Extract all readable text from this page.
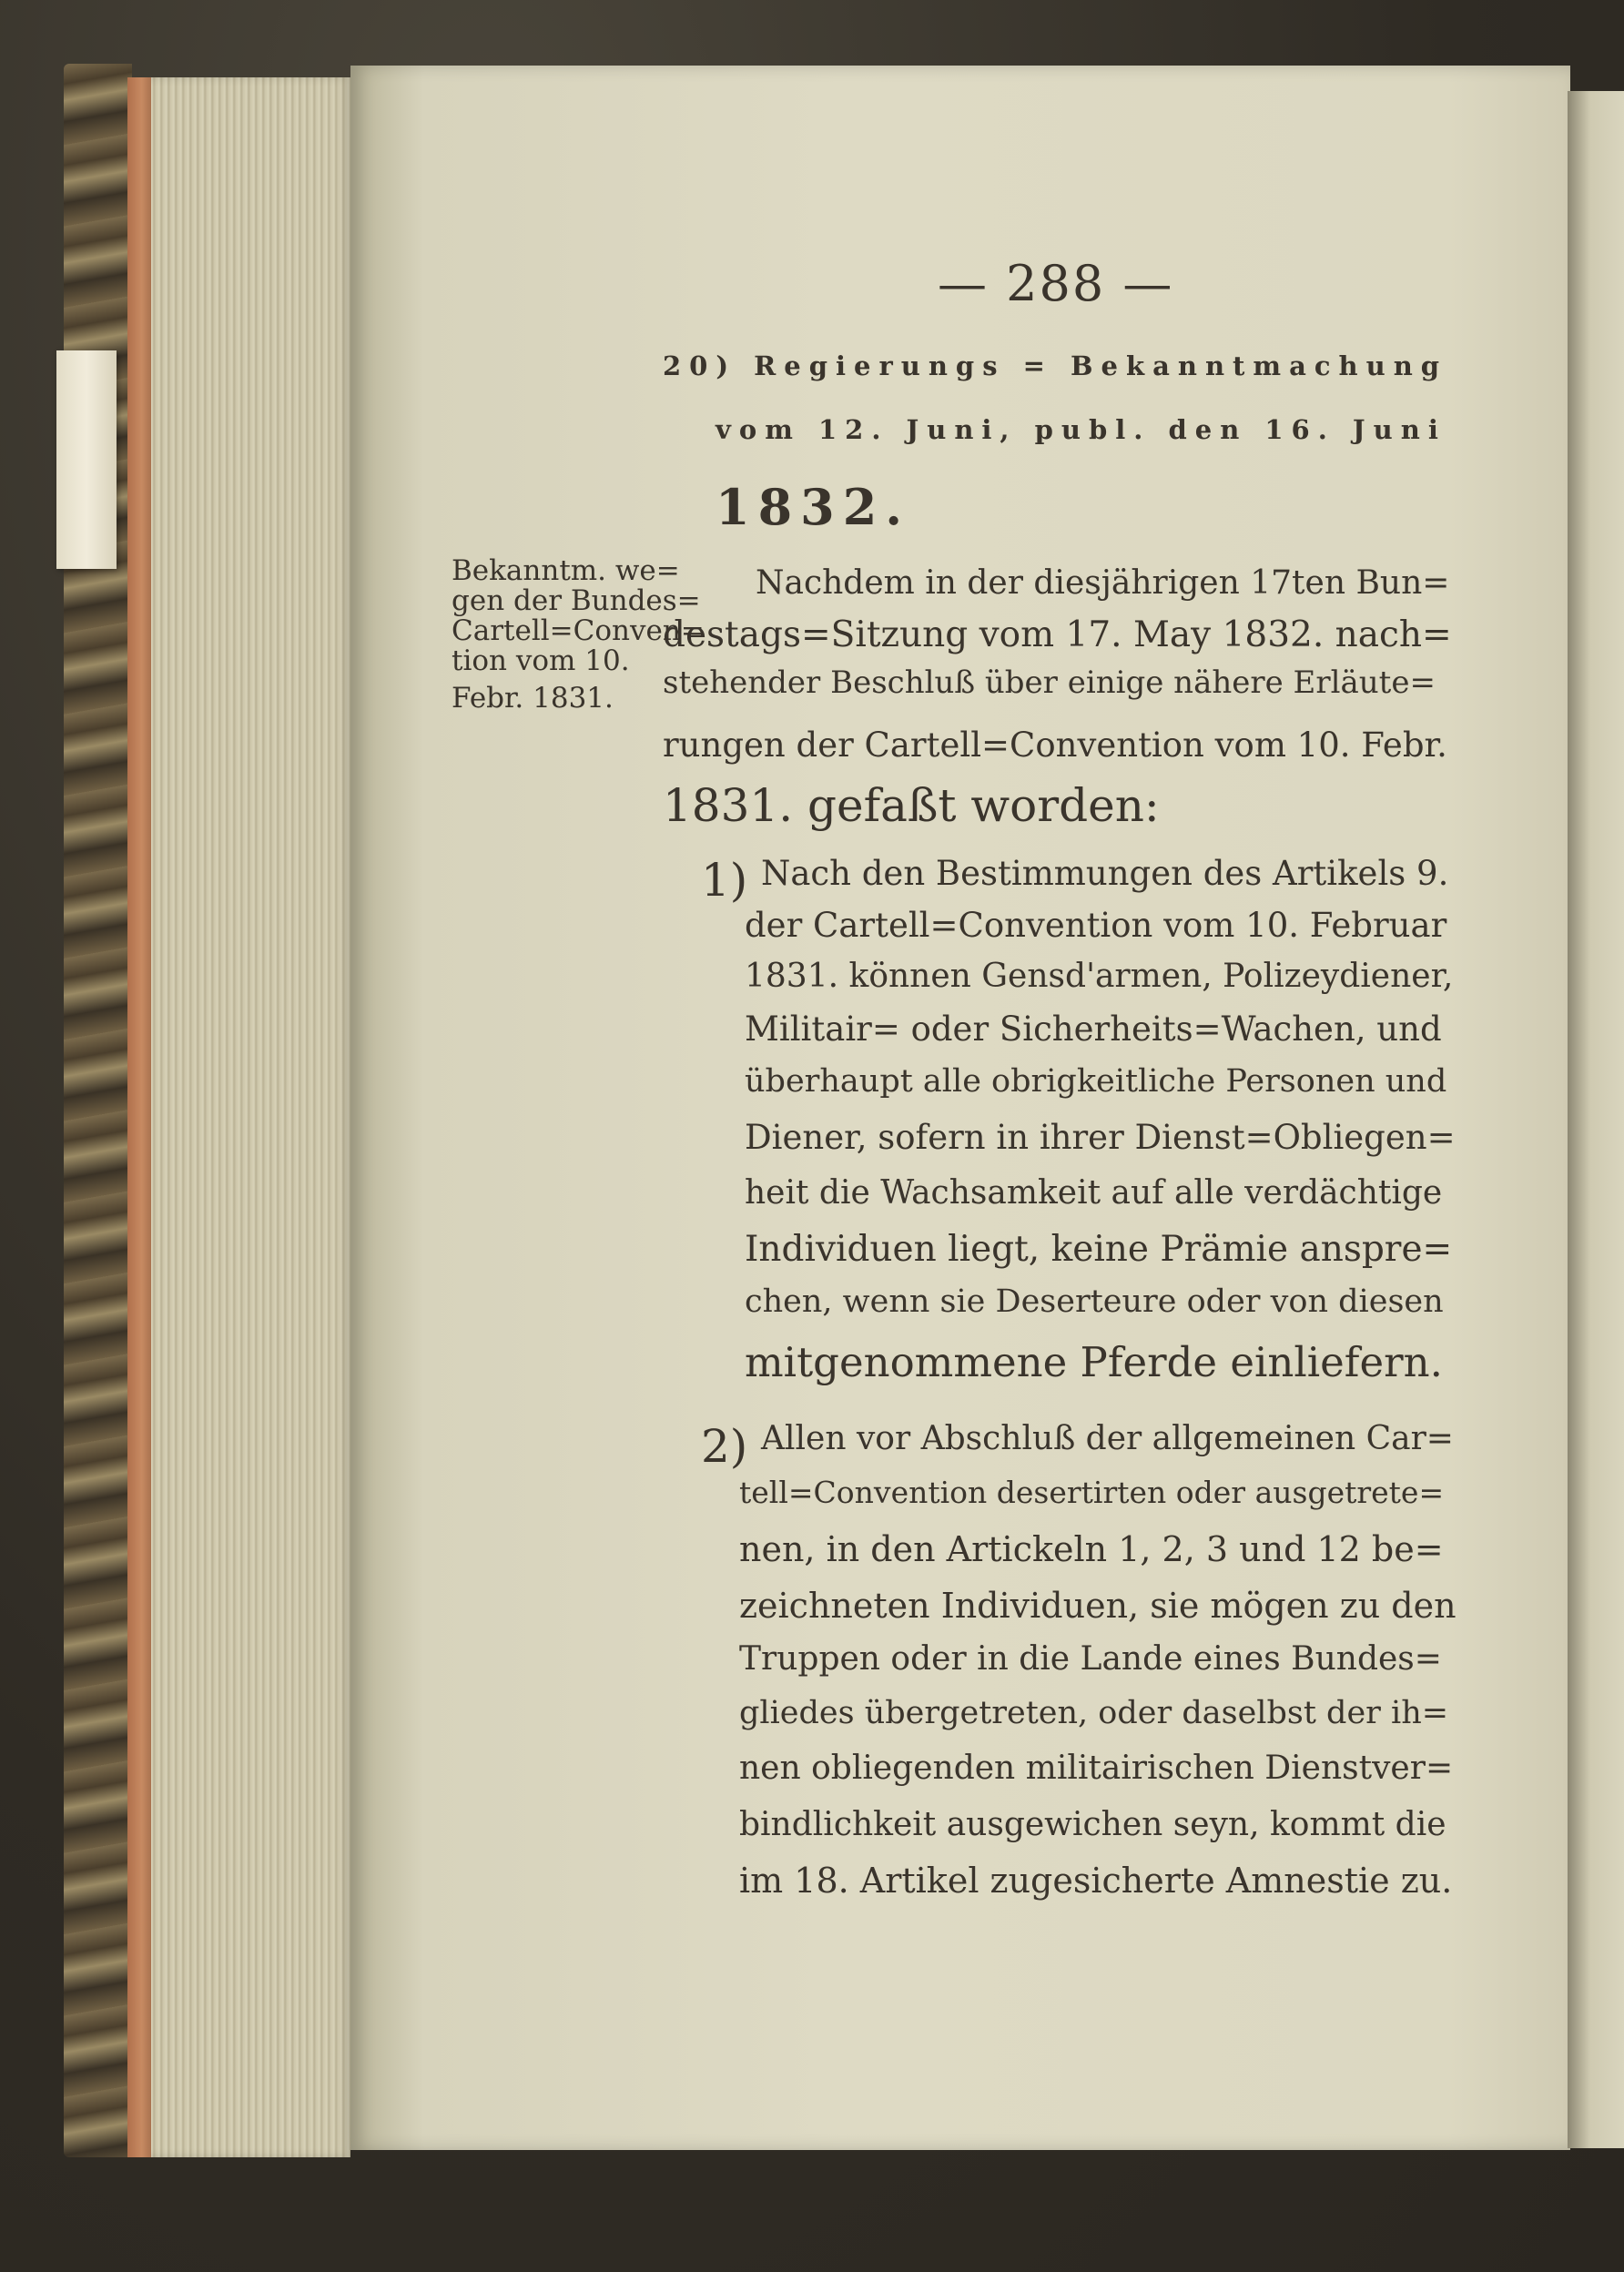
— 288 —
20) Regierungs = Bekanntmachung
vom 12. Juni, publ. den 16. Juni
1832.
Bekanntm. we=
gen der Bundes=
Cartell=Conven=
tion vom 10.
Febr. 1831.
Nachdem in der diesjährigen 17ten Bun=
destags=Sitzung vom 17. May 1832. nach=
stehender Beschluß über einige nähere Erläute=
rungen der Cartell=Convention vom 10. Febr.
1831. gefaßt worden:
1) Nach den Bestimmungen des Artikels 9.
der Cartell=Convention vom 10. Februar
1831. können Gensd'armen, Polizeydiener,
Militair= oder Sicherheits=Wachen, und
überhaupt alle obrigkeitliche Personen und
Diener, sofern in ihrer Dienst=Obliegen=
heit die Wachsamkeit auf alle verdächtige
Individuen liegt, keine Prämie anspre=
chen, wenn sie Deserteure oder von diesen
mitgenommene Pferde einliefern.
2) Allen vor Abschluß der allgemeinen Car=
tell=Convention desertirten oder ausgetrete=
nen, in den Artickeln 1, 2, 3 und 12 be=
zeichneten Individuen, sie mögen zu den
Truppen oder in die Lande eines Bundes=
gliedes übergetreten, oder daselbst der ih=
nen obliegenden militairischen Dienstver=
bindlichkeit ausgewichen seyn, kommt die
im 18. Artikel zugesicherte Amnestie zu.
